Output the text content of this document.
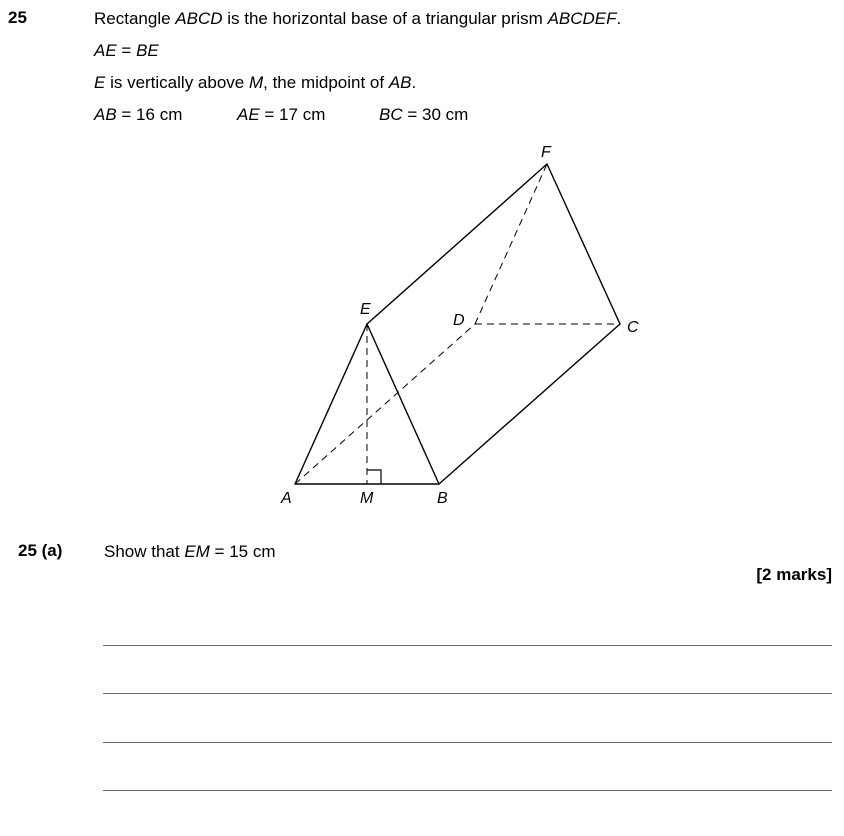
25	Rectangle ABCD is the horizontal base of a triangular prism ABCDEF.
AE = BE
E is vertically above M, the midpoint of AB.
AB = 16 cm	AE = 17 cm	BC = 30 cm
A	M	B
E
D	C
F
25 (a) Show that EM = 15 cm
[2 marks]
